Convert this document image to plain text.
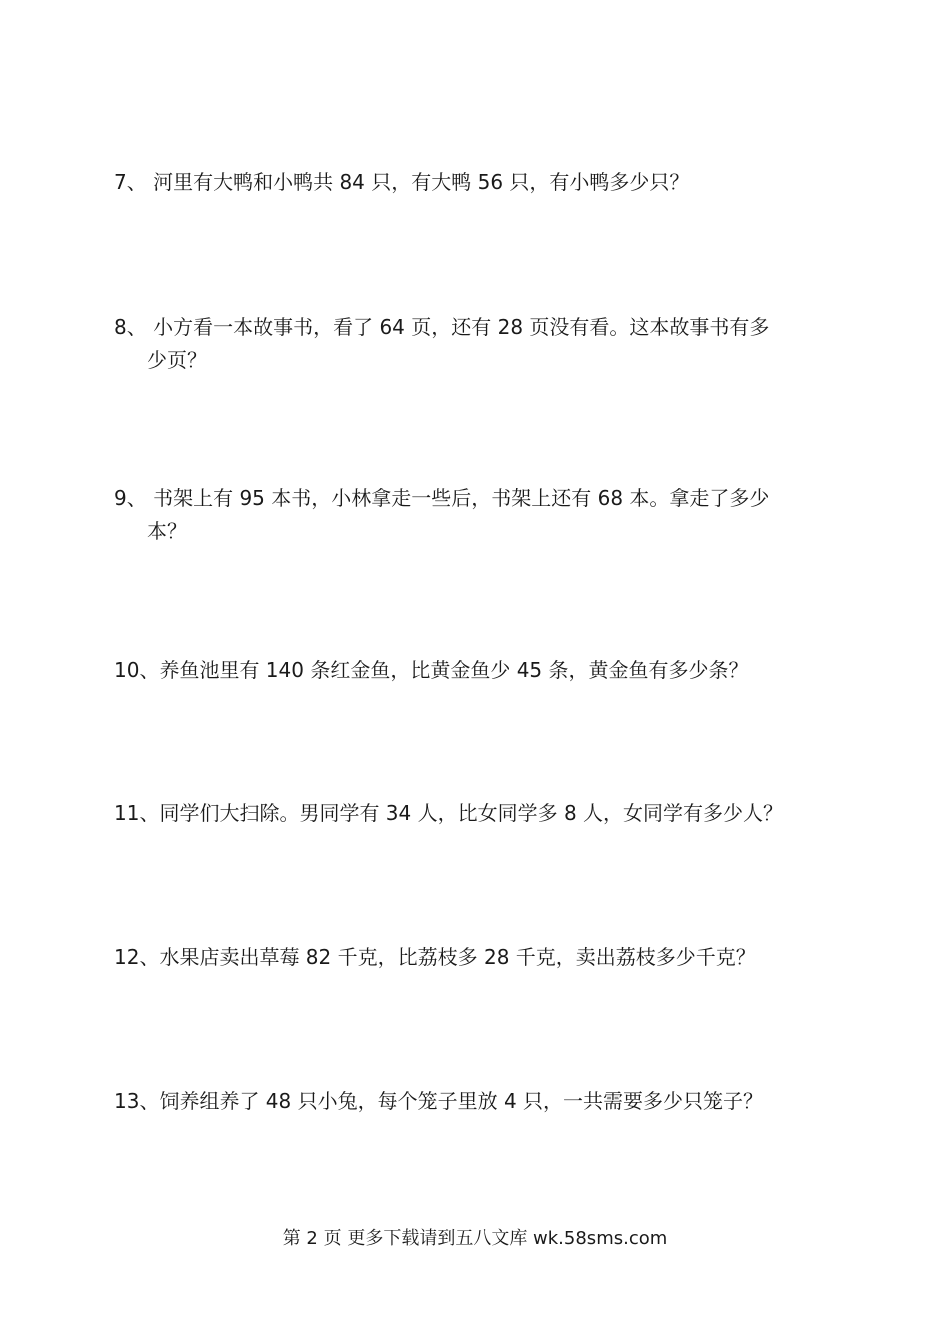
7、 河里有大鸭和小鸭共 84 只，有大鸭 56 只，有小鸭多少只？
8、 小方看一本故事书，看了 64 页，还有 28 页没有看。这本故事书有多
少页？
9、 书架上有 95 本书，小林拿走一些后，书架上还有 68 本。拿走了多少
本？
10、养鱼池里有 140 条红金鱼，比黄金鱼少 45 条，黄金鱼有多少条？
11、同学们大扫除。男同学有 34 人，比女同学多 8 人，女同学有多少人？
12、水果店卖出草莓 82 千克，比荔枝多 28 千克，卖出荔枝多少千克？
13、饲养组养了 48 只小兔，每个笼子里放 4 只，一共需要多少只笼子？
第 2 页 更多下载请到五八文库 wk.58sms.com
